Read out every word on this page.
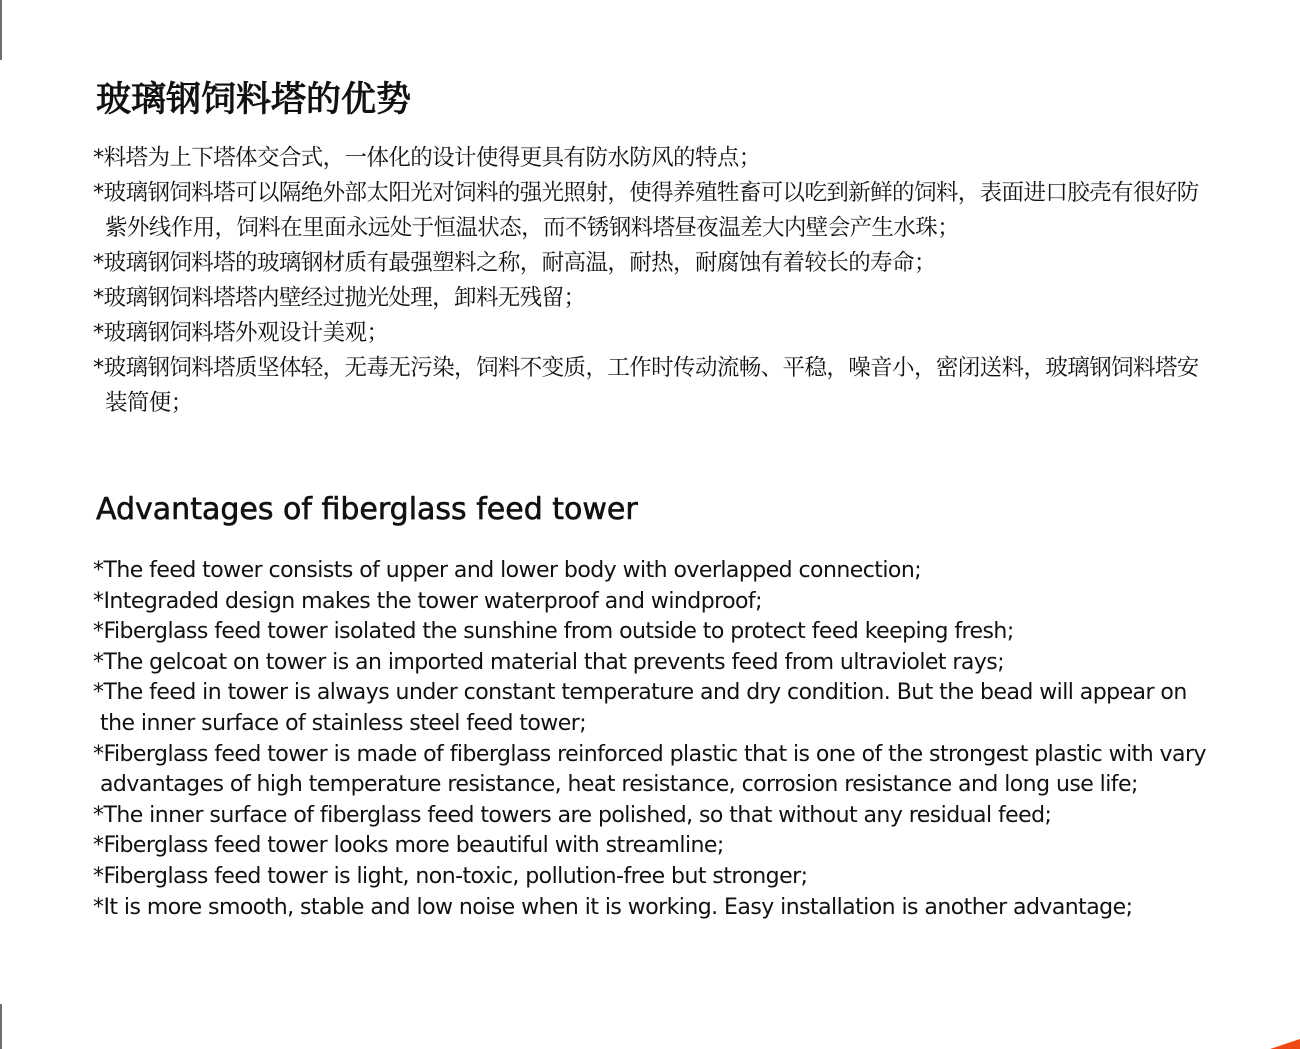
玻璃钢饲料塔的优势
*料塔为上下塔体交合式，一体化的设计使得更具有防水防风的特点；
*玻璃钢饲料塔可以隔绝外部太阳光对饲料的强光照射，使得养殖牲畜可以吃到新鲜的饲料，表面进口胶壳有很好防紫外线作用，饲料在里面永远处于恒温状态，而不锈钢料塔昼夜温差大内壁会产生水珠；
*玻璃钢饲料塔的玻璃钢材质有最强塑料之称，耐高温，耐热，耐腐蚀有着较长的寿命；
*玻璃钢饲料塔塔内壁经过抛光处理，卸料无残留；
*玻璃钢饲料塔外观设计美观；
*玻璃钢饲料塔质坚体轻，无毒无污染，饲料不变质，工作时传动流畅、平稳，噪音小，密闭送料，玻璃钢饲料塔安装简便；
Advantages of fiberglass feed tower
*The feed tower consists of upper and lower body with overlapped connection;
*Integraded design makes the tower waterproof and windproof;
*Fiberglass feed tower isolated the sunshine from outside to protect feed keeping fresh;
*The gelcoat on tower is an imported material that prevents feed from ultraviolet rays;
*The feed in tower is always under constant temperature and dry condition. But the bead will appear on the inner surface of stainless steel feed tower;
*Fiberglass feed tower is made of fiberglass reinforced plastic that is one of the strongest plastic with vary advantages of high temperature resistance, heat resistance, corrosion resistance and long use life;
*The inner surface of fiberglass feed towers are polished, so that without any residual feed;
*Fiberglass feed tower looks more beautiful with streamline;
*Fiberglass feed tower is light, non-toxic, pollution-free but stronger;
*It is more smooth, stable and low noise when it is working. Easy installation is another advantage;
